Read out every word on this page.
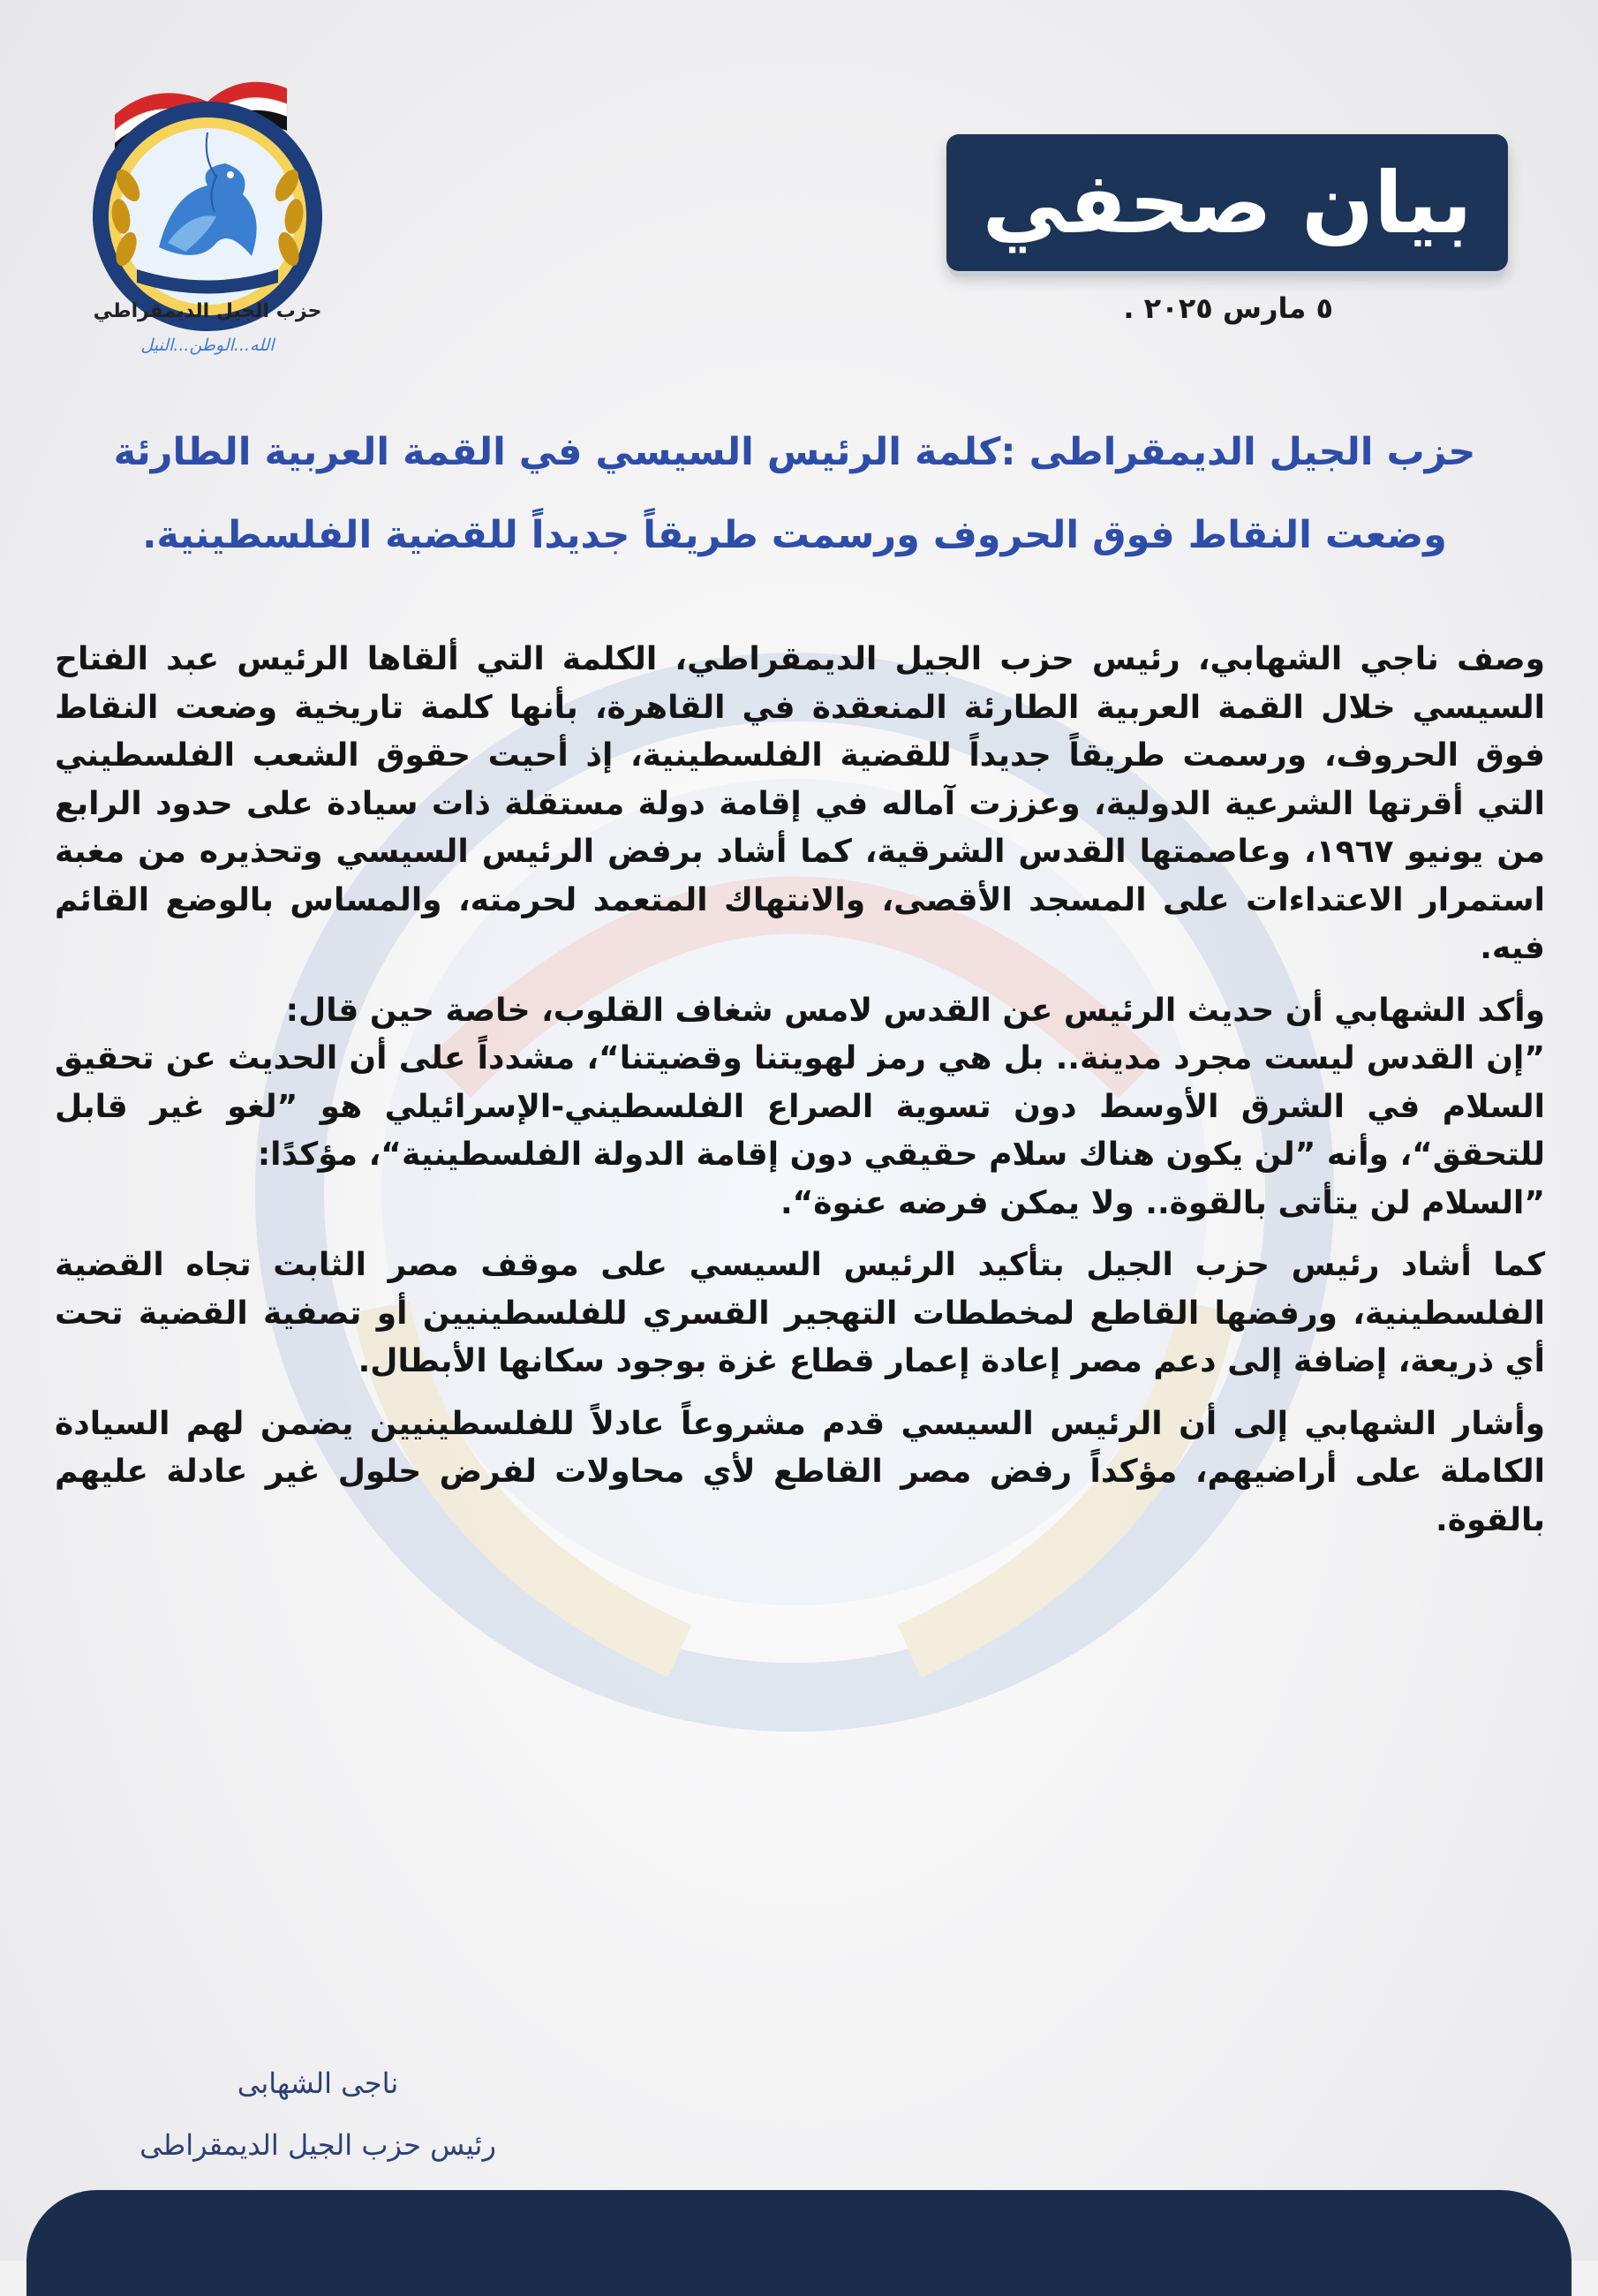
حزب الجيل الديمقراطي
الله...الوطن...النيل
بيان صحفي
٥ مارس ٢٠٢٥ .
حزب الجيل الديمقراطى :كلمة الرئيس السيسي في القمة العربية الطارئة وضعت النقاط فوق الحروف ورسمت طريقاً جديداً للقضية الفلسطينية.

وصف ناجي الشهابي، رئيس حزب الجيل الديمقراطي، الكلمة التي ألقاها الرئيس عبد الفتاح السيسي خلال القمة العربية الطارئة المنعقدة في القاهرة، بأنها كلمة تاريخية وضعت النقاط فوق الحروف، ورسمت طريقاً جديداً للقضية الفلسطينية، إذ أحيت حقوق الشعب الفلسطيني التي أقرتها الشرعية الدولية، وعززت آماله في إقامة دولة مستقلة ذات سيادة على حدود الرابع من يونيو ١٩٦٧، وعاصمتها القدس الشرقية، كما أشاد برفض الرئيس السيسي وتحذيره من مغبة استمرار الاعتداءات على المسجد الأقصى، والانتهاك المتعمد لحرمته، والمساس بالوضع القائم فيه.

وأكد الشهابي أن حديث الرئيس عن القدس لامس شغاف القلوب، خاصة حين قال:

”إن القدس ليست مجرد مدينة.. بل هي رمز لهويتنا وقضيتنا“، مشدداً على أن الحديث عن تحقيق السلام في الشرق الأوسط دون تسوية الصراع الفلسطيني-الإسرائيلي هو ”لغو غير قابل للتحقق“، وأنه ”لن يكون هناك سلام حقيقي دون إقامة الدولة الفلسطينية“، مؤكدًا:

”السلام لن يتأتى بالقوة.. ولا يمكن فرضه عنوة“.

كما أشاد رئيس حزب الجيل بتأكيد الرئيس السيسي على موقف مصر الثابت تجاه القضية الفلسطينية، ورفضها القاطع لمخططات التهجير القسري للفلسطينيين أو تصفية القضية تحت أي ذريعة، إضافة إلى دعم مصر إعادة إعمار قطاع غزة بوجود سكانها الأبطال.

وأشار الشهابي إلى أن الرئيس السيسي قدم مشروعاً عادلاً للفلسطينيين يضمن لهم السيادة الكاملة على أراضيهم، مؤكداً رفض مصر القاطع لأي محاولات لفرض حلول غير عادلة عليهم بالقوة.

ناجى الشهابى
رئيس حزب الجيل الديمقراطى
